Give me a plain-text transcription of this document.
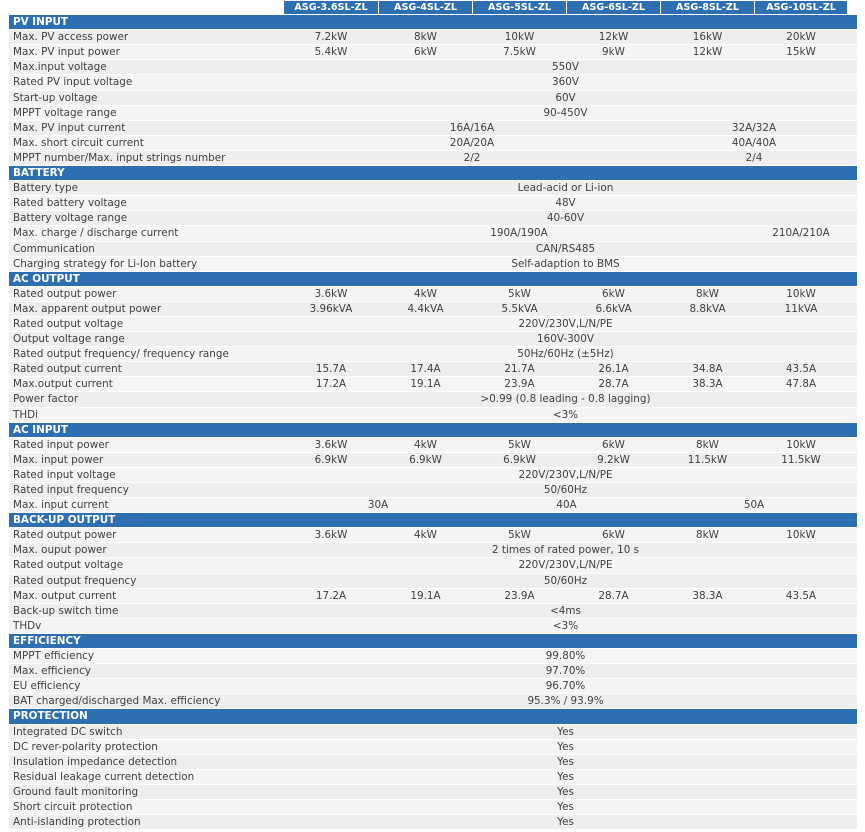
ASG-3.6SL-ZL	ASG-4SL-ZL	ASG-5SL-ZL	ASG-6SL-ZL	ASG-8SL-ZL	ASG-10SL-ZL
PV INPUT
Max. PV access power	7.2kW	8kW	10kW	12kW	16kW	20kW
Max. PV input power	5.4kW	6kW	7.5kW	9kW	12kW	15kW
Max.input voltage	550V
Rated PV input voltage	360V
Start-up voltage	60V
MPPT voltage range	90-450V
Max. PV input current	16A/16A	32A/32A
Max. short circuit current	20A/20A	40A/40A
MPPT number/Max. input strings number	2/2	2/4
BATTERY
Battery type	Lead-acid or Li-ion
Rated battery voltage	48V
Battery voltage range	40-60V
Max. charge / discharge current	190A/190A	210A/210A
Communication	CAN/RS485
Charging strategy for Li-Ion battery	Self-adaption to BMS
AC OUTPUT
Rated output power	3.6kW	4kW	5kW	6kW	8kW	10kW
Max. apparent output power	3.96kVA	4.4kVA	5.5kVA	6.6kVA	8.8kVA	11kVA
Rated output voltage	220V/230V,L/N/PE
Output voltage range	160V-300V
Rated output frequency/ frequency range	50Hz/60Hz (±5Hz)
Rated output current	15.7A	17.4A	21.7A	26.1A	34.8A	43.5A
Max.output current	17.2A	19.1A	23.9A	28.7A	38.3A	47.8A
Power factor	>0.99 (0.8 leading - 0.8 lagging)
THDi	<3%
AC INPUT
Rated input power	3.6kW	4kW	5kW	6kW	8kW	10kW
Max. input power	6.9kW	6.9kW	6.9kW	9.2kW	11.5kW	11.5kW
Rated input voltage	220V/230V,L/N/PE
Rated input frequency	50/60Hz
Max. input current	30A	40A	50A
BACK-UP OUTPUT
Rated output power	3.6kW	4kW	5kW	6kW	8kW	10kW
Max. ouput power	2 times of rated power, 10 s
Rated output voltage	220V/230V,L/N/PE
Rated output frequency	50/60Hz
Max. output current	17.2A	19.1A	23.9A	28.7A	38.3A	43.5A
Back-up switch time	<4ms
THDv	<3%
EFFICIENCY
MPPT efficiency	99.80%
Max. efficiency	97.70%
EU efficiency	96.70%
BAT charged/discharged Max. efficiency	95.3% / 93.9%
PROTECTION
Integrated DC switch	Yes
DC rever-polarity protection	Yes
Insulation impedance detection	Yes
Residual leakage current detection	Yes
Ground fault monitoring	Yes
Short circuit protection	Yes
Anti-islanding protection	Yes
